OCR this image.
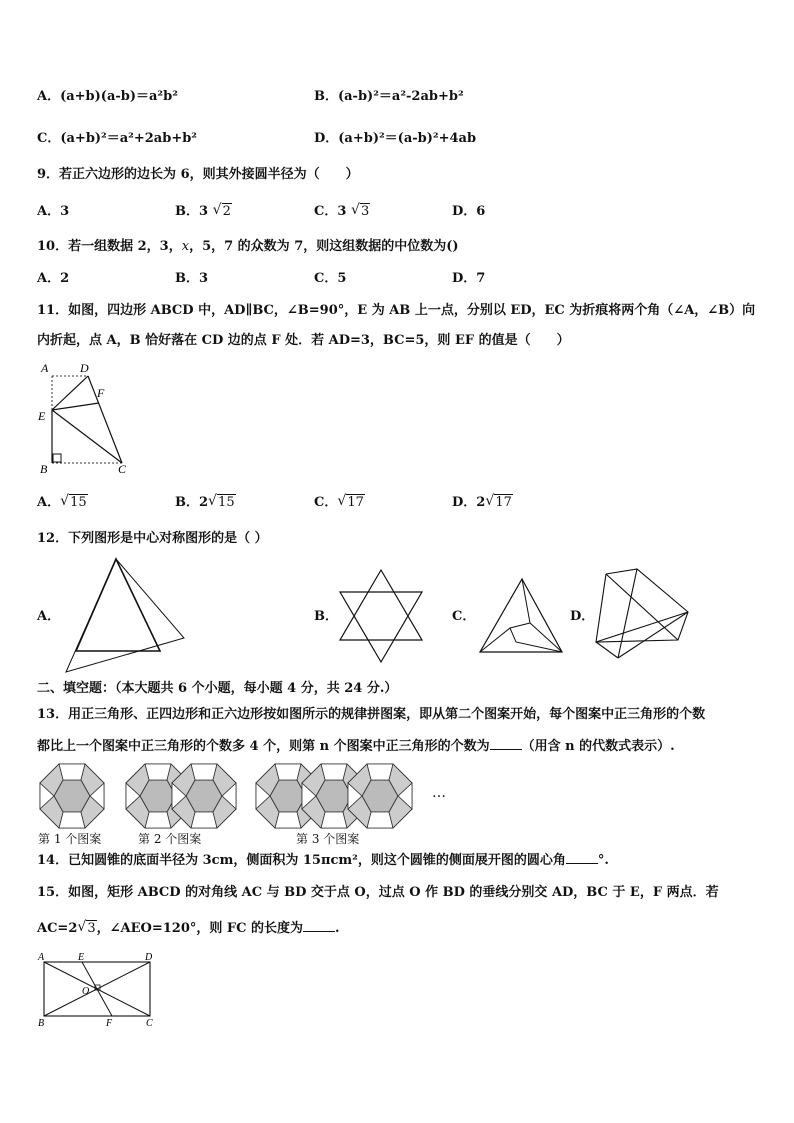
A．(a+b)(a-b)＝a²b²	B．(a-b)²＝a²-2ab+b²
C．(a+b)²＝a²+2ab+b²	D．(a+b)²＝(a-b)²+4ab
9．若正六边形的边长为 6，则其外接圆半径为（　　）
A．3	B．3 √ 2	C．3 √ 3	D．6
10．若一组数据 2，3，x，5，7 的众数为 7，则这组数据的中位数为()
A．2	B．3	C．5	D．7
11．如图，四边形 ABCD 中，AD∥BC，∠B=90°，E 为 AB 上一点，分别以 ED，EC 为折痕将两个角（∠A，∠B）向
内折起，点 A，B 恰好落在 CD 边的点 F 处．若 AD=3，BC=5，则 EF 的值是（　　）
A	D
F
E
B	C
A． √ 15	B．2 √ 15	C． √ 17	D．2 √ 17
12．下列图形是中心对称图形的是（ ）
A．	B．	C．	D．
二、填空题：（本大题共 6 个小题，每小题 4 分，共 24 分.）
13．用正三角形、正四边形和正六边形按如图所示的规律拼图案，即从第二个图案开始，每个图案中正三角形的个数
都比上一个图案中正三角形的个数多 4 个，则第 n 个图案中正三角形的个数为 （用含 n 的代数式表示）.
…
第 1 个图案	第 2 个图案	第 3 个图案
14．已知圆锥的底面半径为 3cm，侧面积为 15πcm²，则这个圆锥的侧面展开图的圆心角 °.
15．如图，矩形 ABCD 的对角线 AC 与 BD 交于点 O，过点 O 作 BD 的垂线分别交 AD，BC 于 E，F 两点．若
AC=2 √ 3，∠AEO=120°，则 FC 的长度为 .
A	E	D
O
B	F	C
